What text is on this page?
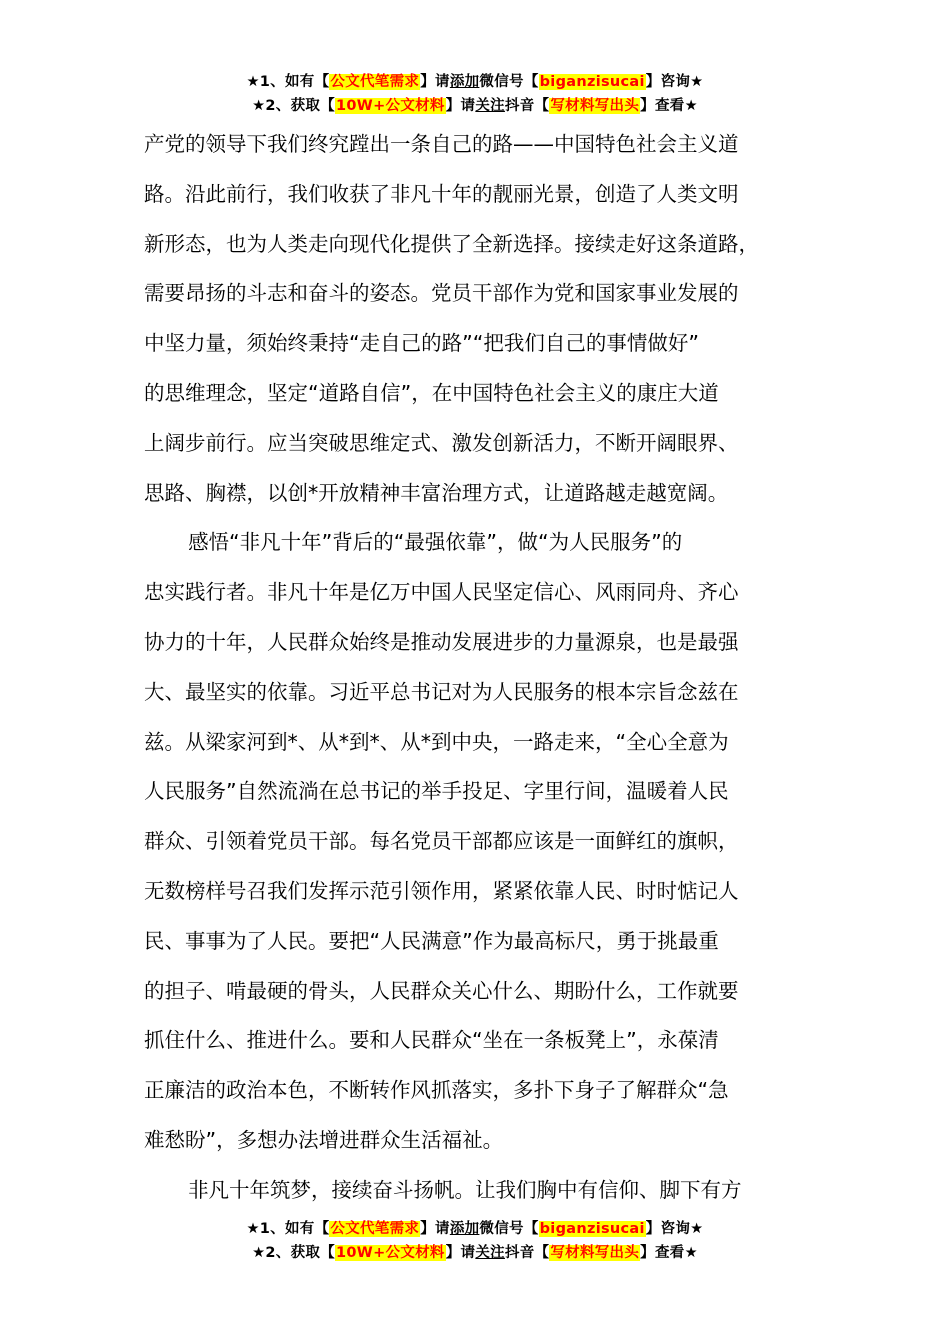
★1、如有【公文代笔需求】请添加微信号【biganzisucai】咨询★
★2、获取【10W+公文材料】请关注抖音【写材料写出头】查看★

产党的领导下我们终究蹚出一条自己的路——中国特色社会主义道
路。沿此前行，我们收获了非凡十年的靓丽光景，创造了人类文明
新形态，也为人类走向现代化提供了全新选择。接续走好这条道路，
需要昂扬的斗志和奋斗的姿态。党员干部作为党和国家事业发展的
中坚力量，须始终秉持“走自己的路”“把我们自己的事情做好”
的思维理念，坚定“道路自信”，在中国特色社会主义的康庄大道
上阔步前行。应当突破思维定式、激发创新活力，不断开阔眼界、
思路、胸襟，以创*开放精神丰富治理方式，让道路越走越宽阔。

感悟“非凡十年”背后的“最强依靠”，做“为人民服务”的
忠实践行者。非凡十年是亿万中国人民坚定信心、风雨同舟、齐心
协力的十年，人民群众始终是推动发展进步的力量源泉，也是最强
大、最坚实的依靠。习近平总书记对为人民服务的根本宗旨念兹在
兹。从梁家河到*、从*到*、从*到中央，一路走来，“全心全意为
人民服务”自然流淌在总书记的举手投足、字里行间，温暖着人民
群众、引领着党员干部。每名党员干部都应该是一面鲜红的旗帜，
无数榜样号召我们发挥示范引领作用，紧紧依靠人民、时时惦记人
民、事事为了人民。要把“人民满意”作为最高标尺，勇于挑最重
的担子、啃最硬的骨头，人民群众关心什么、期盼什么，工作就要
抓住什么、推进什么。要和人民群众“坐在一条板凳上”，永葆清
正廉洁的政治本色，不断转作风抓落实，多扑下身子了解群众“急
难愁盼”，多想办法增进群众生活福祉。

非凡十年筑梦，接续奋斗扬帆。让我们胸中有信仰、脚下有方

★1、如有【公文代笔需求】请添加微信号【biganzisucai】咨询★
★2、获取【10W+公文材料】请关注抖音【写材料写出头】查看★
